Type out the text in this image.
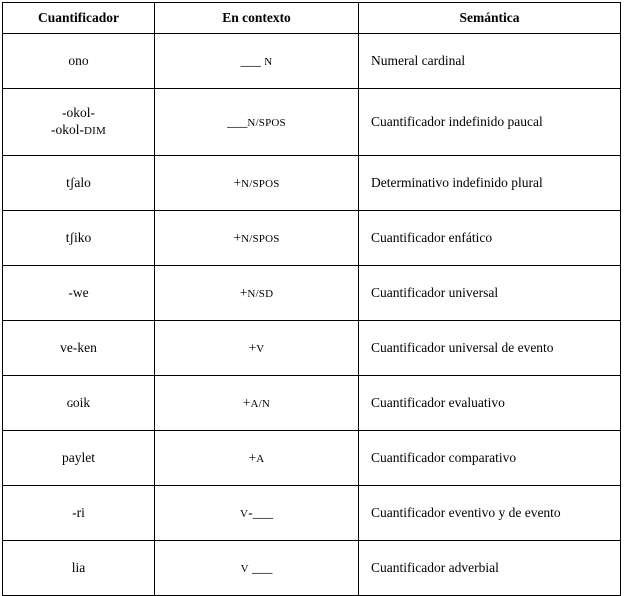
Cuantificador	En contexto	Semántica

ono	___ N	Numeral cardinal

-okol-
-okol-DIM	___N/SPOS	Cuantificador indefinido paucal

tʃalo	+N/SPOS	Determinativo indefinido plural

tʃiko	+N/SPOS	Cuantificador enfático

-we	+N/SD	Cuantificador universal

ve-ken	+V	Cuantificador universal de evento

ɢoik	+A/N	Cuantificador evaluativo

paylet	+A	Cuantificador comparativo

-ri	V-___	Cuantificador eventivo y de evento

lia	V ___	Cuantificador adverbial
